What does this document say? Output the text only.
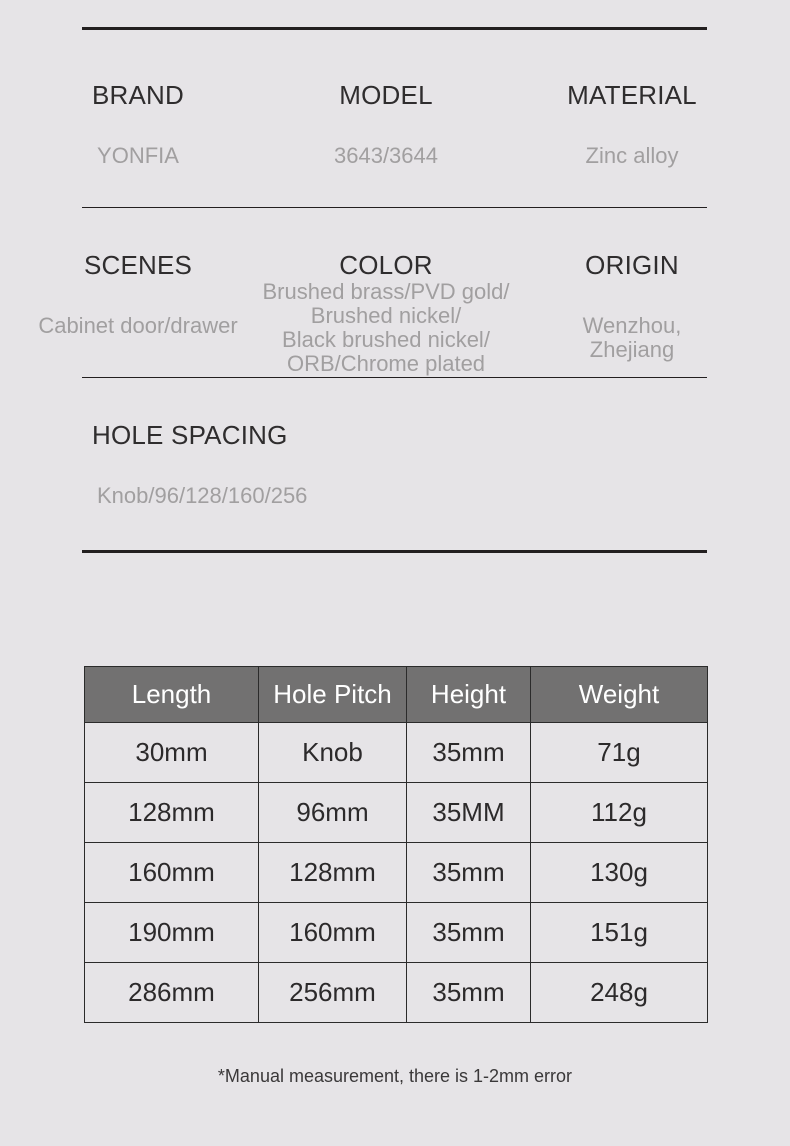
BRAND
YONFIA
MODEL
3643/3644
MATERIAL
Zinc alloy
SCENES
Cabinet door/drawer
COLOR
Brushed brass/PVD gold/
Brushed nickel/
Black brushed nickel/
ORB/Chrome plated
ORIGIN
Wenzhou,
Zhejiang
HOLE SPACING
Knob/96/128/160/256
Length	Hole Pitch	Height	Weight
30mm	Knob	35mm	71g
128mm	96mm	35MM	112g
160mm	128mm	35mm	130g
190mm	160mm	35mm	151g
286mm	256mm	35mm	248g
*Manual measurement, there is 1-2mm error
